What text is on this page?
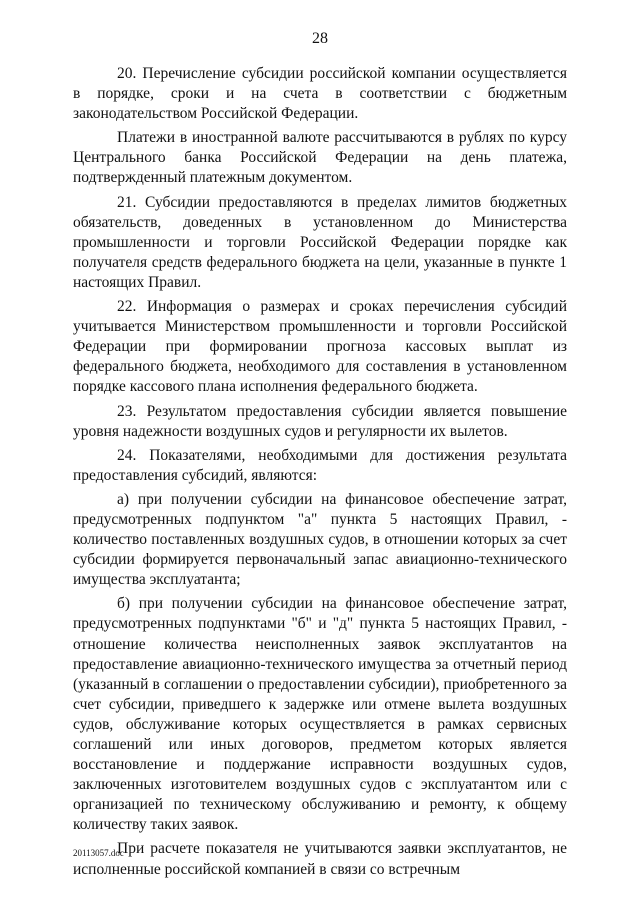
28

20. Перечисление субсидии российской компании осуществляется в порядке, сроки и на счета в соответствии с бюджетным законодательством Российской Федерации.

Платежи в иностранной валюте рассчитываются в рублях по курсу Центрального банка Российской Федерации на день платежа, подтвержденный платежным документом.

21. Субсидии предоставляются в пределах лимитов бюджетных обязательств, доведенных в установленном до Министерства промышленности и торговли Российской Федерации порядке как получателя средств федерального бюджета на цели, указанные в пункте 1 настоящих Правил.

22. Информация о размерах и сроках перечисления субсидий учитывается Министерством промышленности и торговли Российской Федерации при формировании прогноза кассовых выплат из федерального бюджета, необходимого для составления в установленном порядке кассового плана исполнения федерального бюджета.

23. Результатом предоставления субсидии является повышение уровня надежности воздушных судов и регулярности их вылетов.

24. Показателями, необходимыми для достижения результата предоставления субсидий, являются:

а) при получении субсидии на финансовое обеспечение затрат, предусмотренных подпунктом "а" пункта 5 настоящих Правил, - количество поставленных воздушных судов, в отношении которых за счет субсидии формируется первоначальный запас авиационно-технического имущества эксплуатанта;

б) при получении субсидии на финансовое обеспечение затрат, предусмотренных подпунктами "б" и "д" пункта 5 настоящих Правил, - отношение количества неисполненных заявок эксплуатантов на предоставление авиационно-технического имущества за отчетный период (указанный в соглашении о предоставлении субсидии), приобретенного за счет субсидии, приведшего к задержке или отмене вылета воздушных судов, обслуживание которых осуществляется в рамках сервисных соглашений или иных договоров, предметом которых является восстановление и поддержание исправности воздушных судов, заключенных изготовителем воздушных судов с эксплуатантом или с организацией по техническому обслуживанию и ремонту, к общему количеству таких заявок.

При расчете показателя не учитываются заявки эксплуатантов, не исполненные российской компанией в связи со встречным

20113057.doc
